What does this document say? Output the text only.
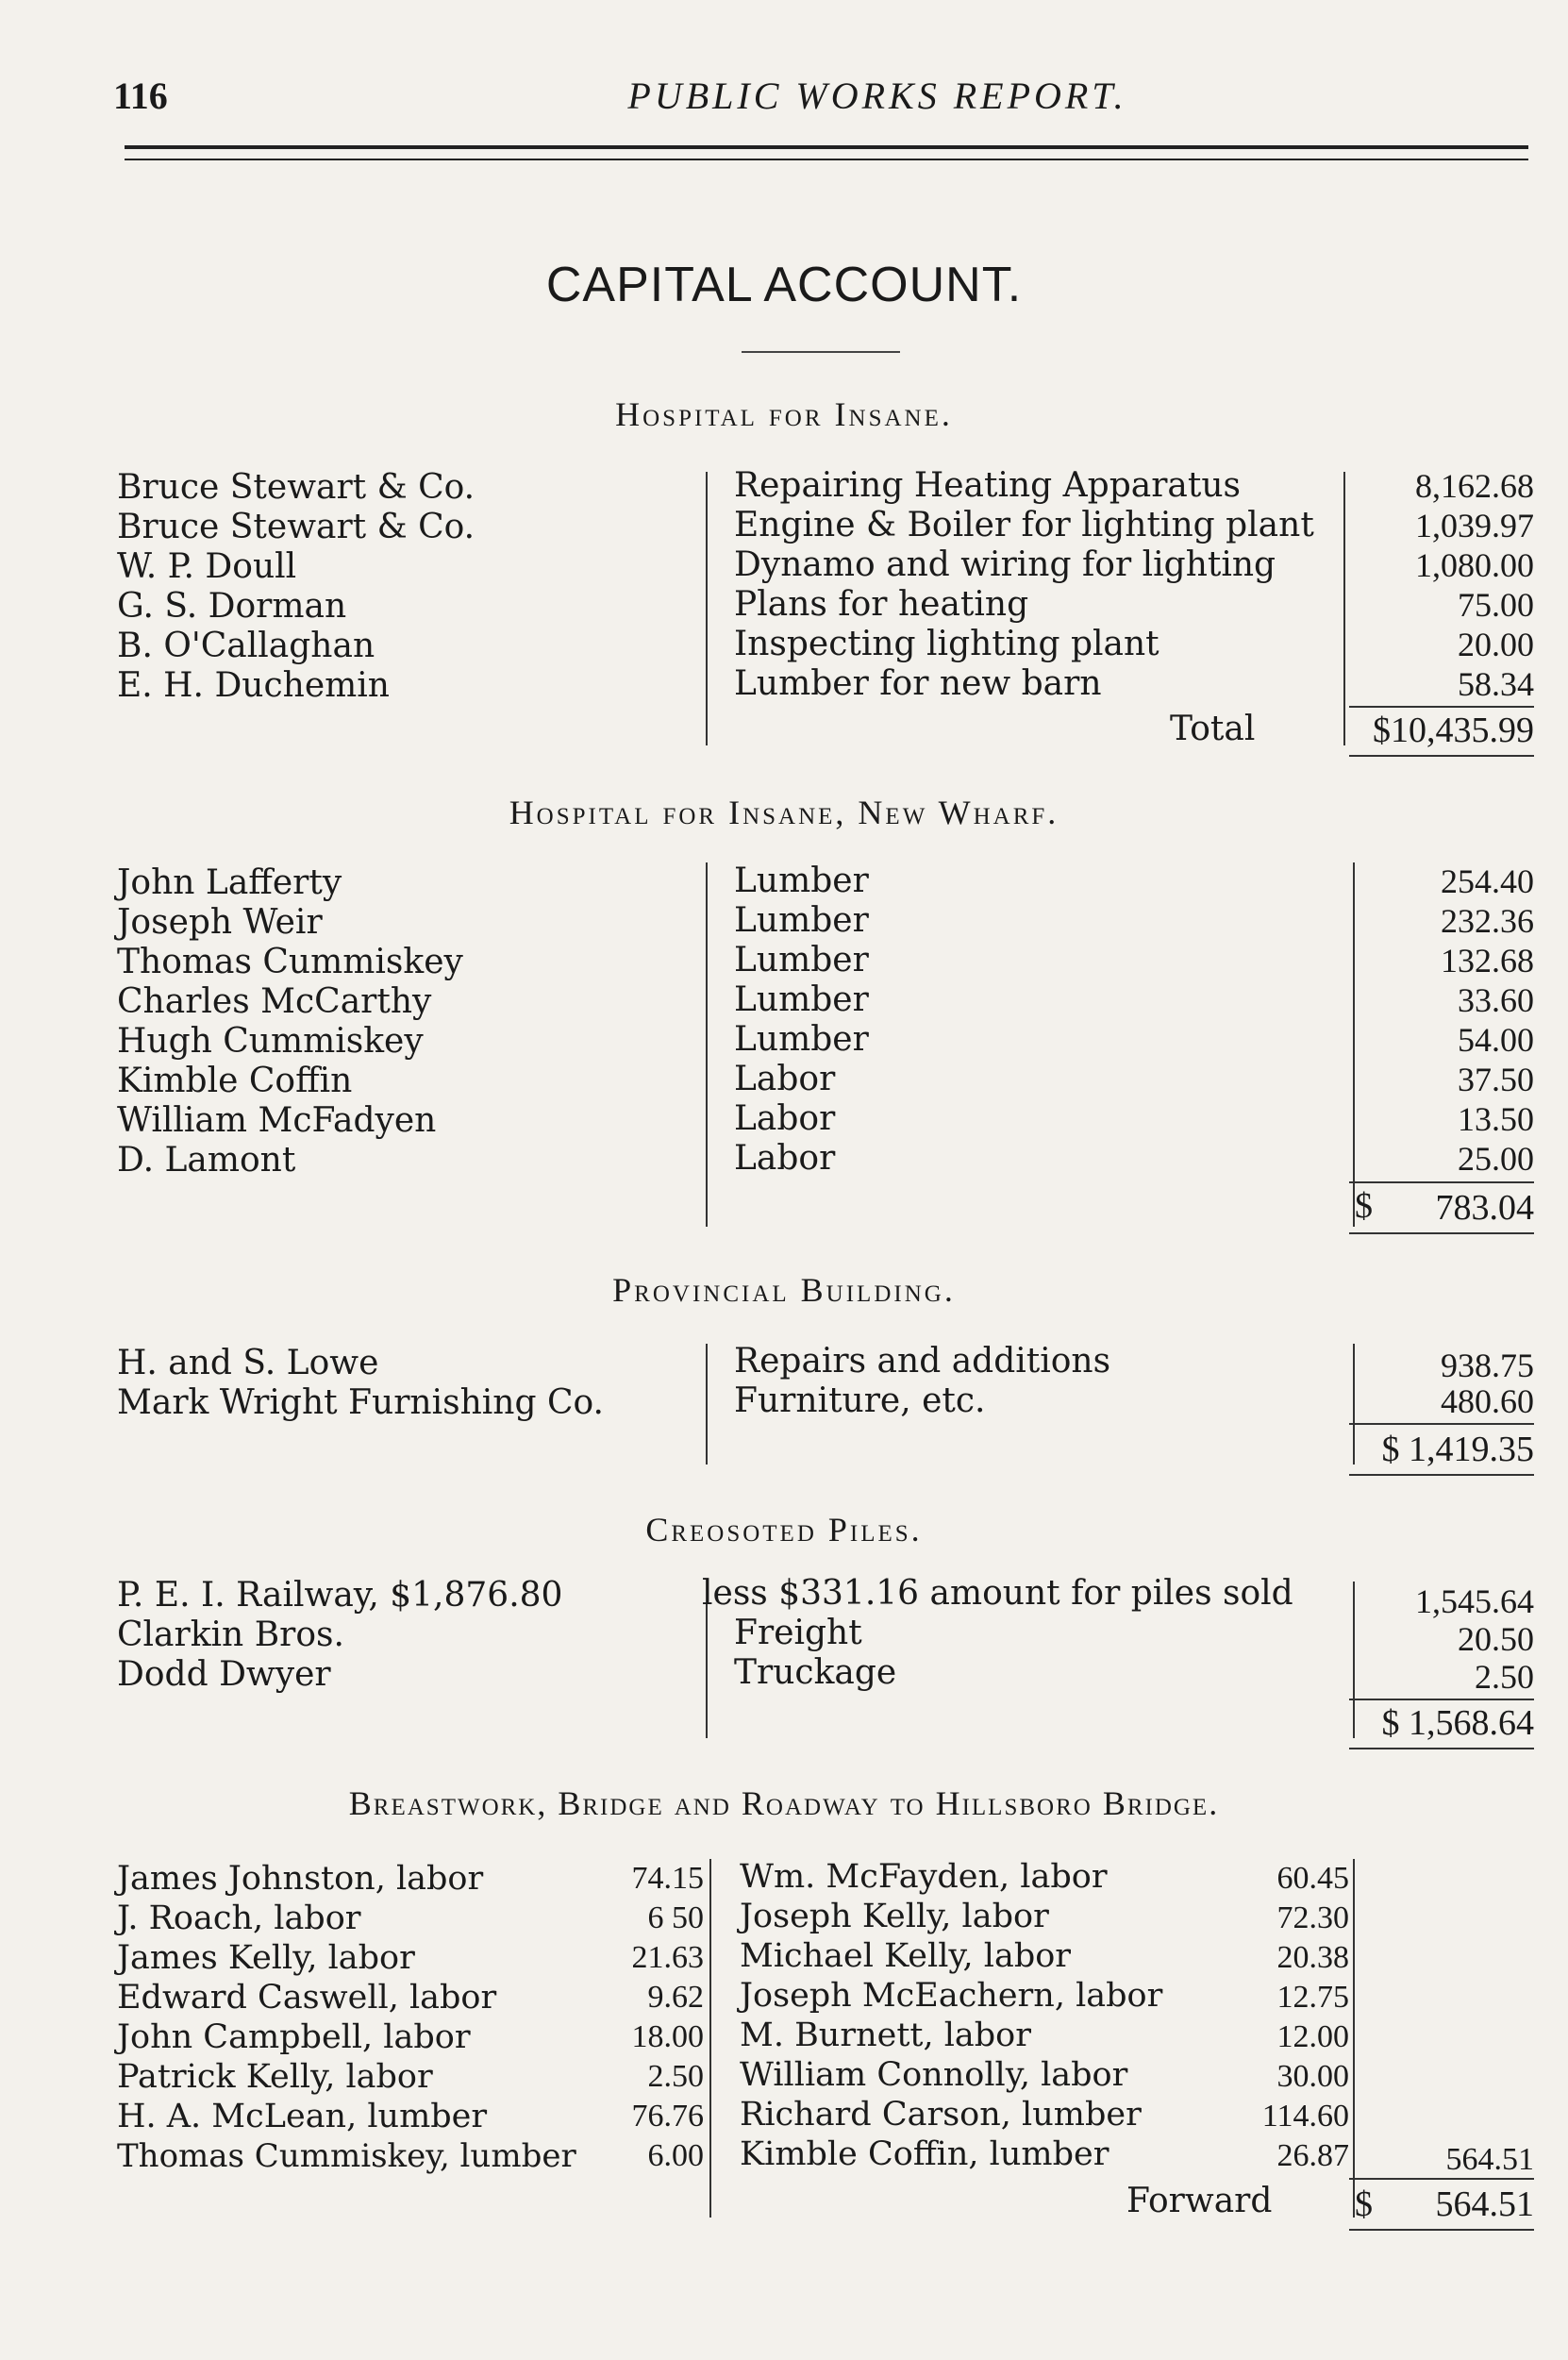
116	PUBLIC WORKS REPORT.
CAPITAL ACCOUNT.
Hospital for Insane.
Bruce Stewart & Co.	Repairing Heating Apparatus	8,162.68
Bruce Stewart & Co.	Engine & Boiler for lighting plant	1,039.97
W. P. Doull	Dynamo and wiring for lighting	1,080.00
G. S. Dorman	Plans for heating	75.00
B. O'Callaghan	Inspecting lighting plant	20.00
E. H. Duchemin	Lumber for new barn	58.34
Total	$10,435.99
Hospital for Insane, New Wharf.
John Lafferty	Lumber	254.40
Joseph Weir	Lumber	232.36
Thomas Cummiskey	Lumber	132.68
Charles McCarthy	Lumber	33.60
Hugh Cummiskey	Lumber	54.00
Kimble Coffin	Labor	37.50
William McFadyen	Labor	13.50
D. Lamont	Labor	25.00
$	783.04
Provincial Building.
H. and S. Lowe	Repairs and additions	938.75
Mark Wright Furnishing Co.	Furniture, etc.	480.60
$ 1,419.35
Creosoted Piles.
P. E. I. Railway, $1,876.80	less $331.16 amount for piles sold	1,545.64
Clarkin Bros.	Freight	20.50
Dodd Dwyer	Truckage	2.50
$ 1,568.64
Breastwork, Bridge and Roadway to Hillsboro Bridge.
James Johnston, labor	74.15
J. Roach, labor	6 50
James Kelly, labor	21.63
Edward Caswell, labor	9.62
John Campbell, labor	18.00
Patrick Kelly, labor	2.50
H. A. McLean, lumber	76.76
Thomas Cummiskey, lumber	6.00
Wm. McFayden, labor	60.45
Joseph Kelly, labor	72.30
Michael Kelly, labor	20.38
Joseph McEachern, labor	12.75
M. Burnett, labor	12.00
William Connolly, labor	30.00
Richard Carson, lumber	114.60
Kimble Coffin, lumber	26.87	564.51
Forward $	564.51
